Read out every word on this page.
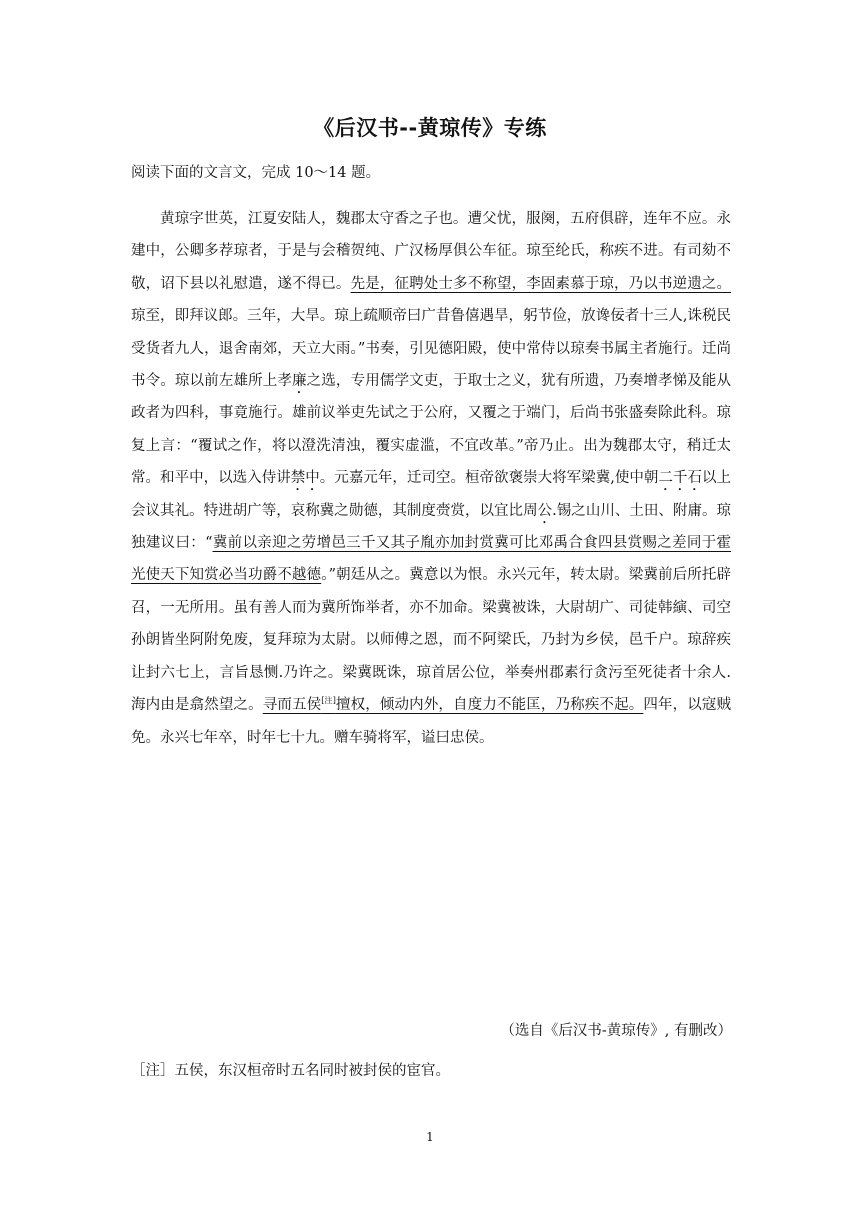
《后汉书--黄琼传》专练
阅读下面的文言文，完成 10～14 题。

黄琼字世英，江夏安陆人，魏郡太守香之子也。遭父忧，服阕，五府俱辟，连年不应。永建中，公卿多荐琼者，于是与会稽贺纯、广汉杨厚俱公车征。琼至纶氏，称疾不进。有司劾不敬，诏下县以礼慰遣，遂不得已。先是，征聘处士多不称望，李固素慕于琼，乃以书逆遗之。琼至，即拜议郎。三年，大旱。琼上疏顺帝曰广昔鲁僖遇旱，躬节俭，放谗佞者十三人,诛税民受货者九人，退舍南郊，天立大雨。”书奏，引见德阳殿，使中常侍以琼奏书属主者施行。迁尚书令。琼以前左雄所上孝廉之选，专用儒学文吏，于取士之义，犹有所遗，乃奏增孝悌及能从政者为四科，事竟施行。雄前议举吏先试之于公府，又覆之于端门，后尚书张盛奏除此科。琼复上言：“覆试之作，将以澄洗清浊，覆实虚滥，不宜改革。”帝乃止。出为魏郡太守，稍迁太常。和平中，以选入侍讲禁中。元嘉元年，迁司空。桓帝欲褒崇大将军梁冀,使中朝二千石以上会议其礼。特进胡广等，哀称冀之勋德，其制度赍赏，以宜比周公.锡之山川、土田、附庸。琼独建议曰：“冀前以亲迎之劳增邑三千又其子胤亦加封赏冀可比邓禹合食四县赏赐之差同于霍光使天下知赏必当功爵不越德。”朝廷从之。冀意以为恨。永兴元年，转太尉。梁冀前后所托辟召，一无所用。虽有善人而为冀所饰举者，亦不加命。梁冀被诛，大尉胡广、司徒韩縯、司空孙朗皆坐阿附免废，复拜琼为太尉。以师傅之恩，而不阿梁氏，乃封为乡侯，邑千户。琼辞疾让封六七上，言旨恳恻.乃许之。梁冀既诛，琼首居公位，举奏州郡素行贪污至死徒者十余人.海内由是翕然望之。寻而五侯[注]擅权，倾动内外，自度力不能匡，乃称疾不起。四年，以寇贼免。永兴七年卒，时年七十九。赠车骑将军，谥曰忠侯。

（选自《后汉书-黄琼传》, 有删改）
［注］五侯，东汉桓帝时五名同时被封侯的宦官。
1
